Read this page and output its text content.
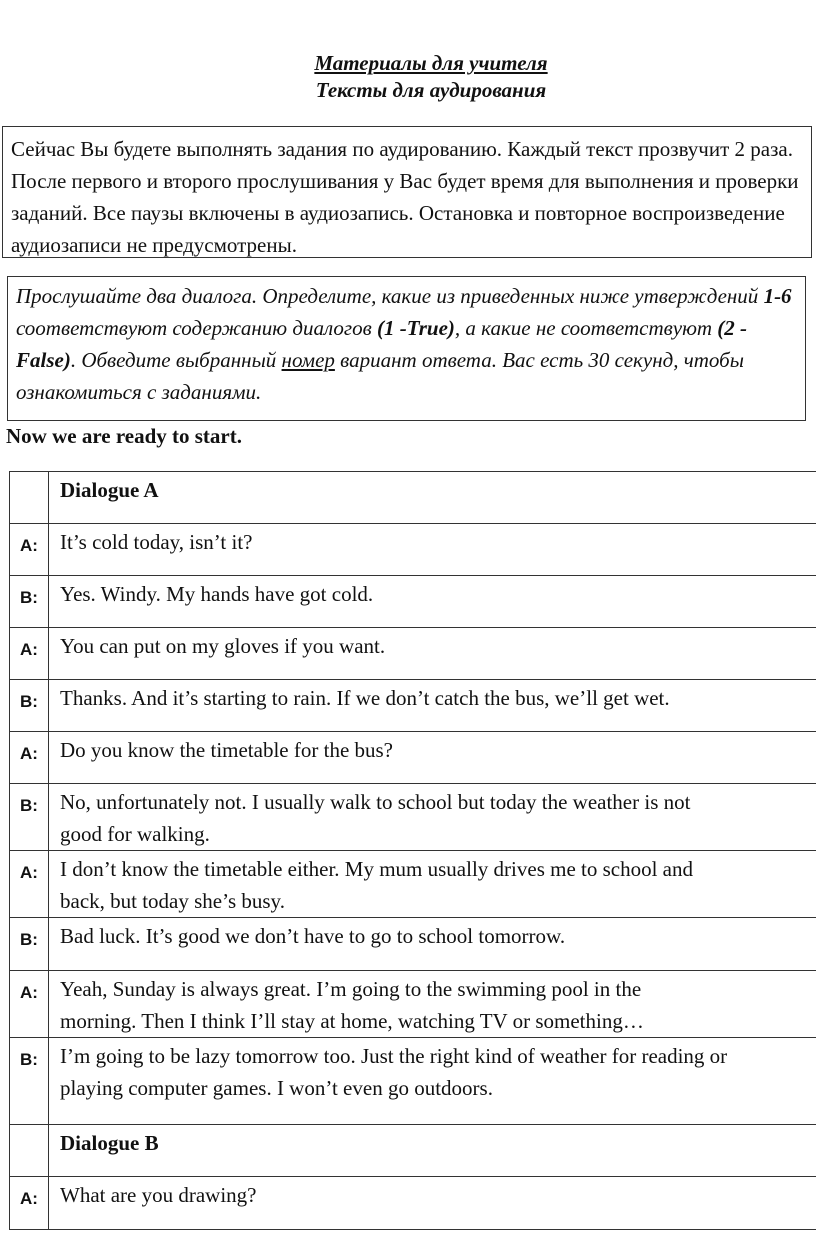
Материалы для учителя
Тексты для аудирования
Сейчас Вы будете выполнять задания по аудированию. Каждый текст прозвучит 2 раза. После первого и второго прослушивания у Вас будет время для выполнения и проверки заданий. Все паузы включены в аудиозапись. Остановка и повторное воспроизведение аудиозаписи не предусмотрены.
Прослушайте два диалога. Определите, какие из приведенных ниже утверждений 1-6 соответствуют содержанию диалогов (1 -True), а какие не соответствуют (2 -False). Обведите выбранный номер вариант ответа. Вас есть 30 секунд, чтобы ознакомиться с заданиями.
Now we are ready to start.
	Dialogue A
A:	It’s cold today, isn’t it?
B:	Yes. Windy. My hands have got cold.
A:	You can put on my gloves if you want.
B:	Thanks. And it’s starting to rain. If we don’t catch the bus, we’ll get wet.
A:	Do you know the timetable for the bus?
B:	No, unfortunately not. I usually walk to school but today the weather is not
good for walking.

A:	I don’t know the timetable either. My mum usually drives me to school and
back, but today she’s busy.

B:	Bad luck. It’s good we don’t have to go to school tomorrow.
A:	Yeah, Sunday is always great. I’m going to the swimming pool in the
morning. Then I think I’ll stay at home, watching TV or something…

B:	I’m going to be lazy tomorrow too. Just the right kind of weather for reading or
playing computer games. I won’t even go outdoors.

	Dialogue B
A:	What are you drawing?
